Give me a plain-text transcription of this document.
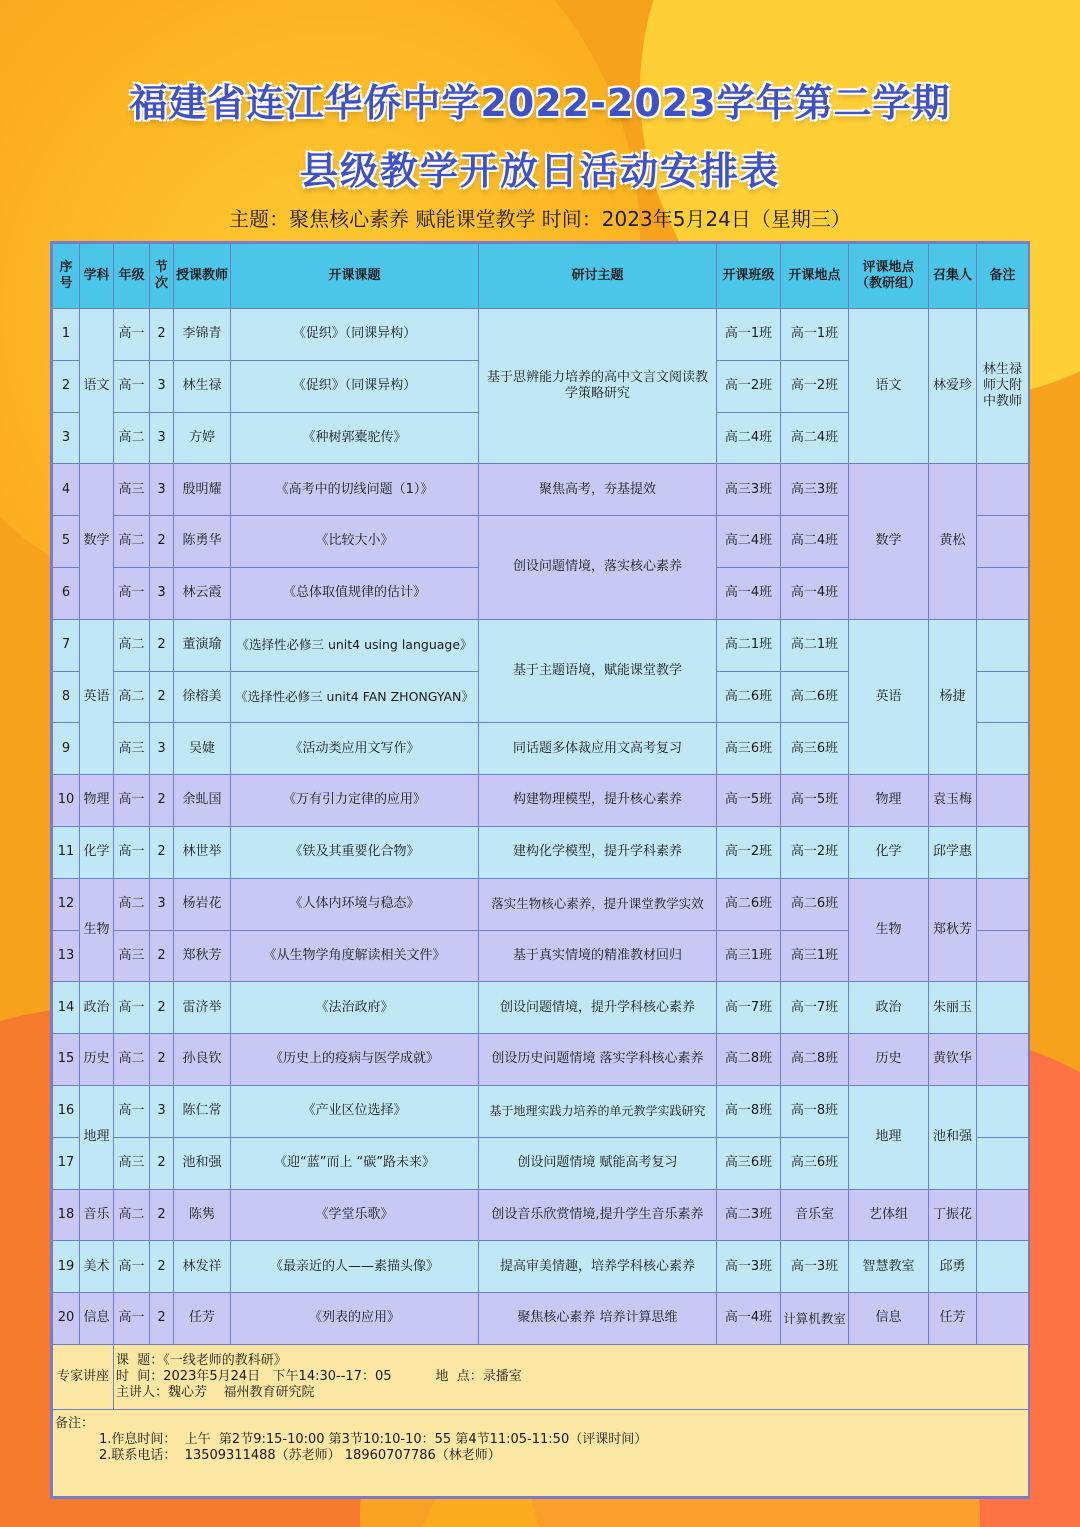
福建省连江华侨中学2022-2023学年第二学期
县级教学开放日活动安排表
主题：聚焦核心素养 赋能课堂教学 时间：2023年5月24日（星期三）
序号	学科	年级	节次	授课教师	开课课题	研讨主题	开课班级	开课地点	评课地点（教研组）	召集人	备注
1	语文	高一	2	李锦青	《促织》（同课异构）	基于思辨能力培养的高中文言文阅读教学策略研究	高一1班	高一1班	语文	林爱珍	林生禄师大附中教师
2		高一	3	林生禄	《促织》（同课异构）		高一2班	高一2班			
3		高二	3	方婷	《种树郭橐驼传》		高二4班	高二4班			
4	数学	高三	3	殷明耀	《高考中的切线问题（1）》	聚焦高考，夯基提效	高三3班	高三3班	数学	黄松	
5		高二	2	陈勇华	《比较大小》	创设问题情境，落实核心素养	高二4班	高二4班			
6		高一	3	林云霞	《总体取值规律的估计》		高一4班	高一4班			
7	英语	高二	2	董演瑜	《选择性必修三 unit4 using language》	基于主题语境，赋能课堂教学	高二1班	高二1班	英语	杨捷	
8		高二	2	徐榕美	《选择性必修三 unit4 FAN ZHONGYAN》		高二6班	高二6班			
9		高三	3	吴婕	《活动类应用文写作》	同话题多体裁应用文高考复习	高三6班	高三6班			
10	物理	高一	2	余虬国	《万有引力定律的应用》	构建物理模型，提升核心素养	高一5班	高一5班	物理	袁玉梅	
11	化学	高一	2	林世举	《铁及其重要化合物》	建构化学模型，提升学科素养	高一2班	高一2班	化学	邱学惠	
12	生物	高二	3	杨岩花	《人体内环境与稳态》	落实生物核心素养，提升课堂教学实效	高二6班	高二6班	生物	郑秋芳	
13		高三	2	郑秋芳	《从生物学角度解读相关文件》	基于真实情境的精准教材回归	高三1班	高三1班			
14	政治	高一	2	雷济举	《法治政府》	创设问题情境，提升学科核心素养	高一7班	高一7班	政治	朱丽玉	
15	历史	高二	2	孙良钦	《历史上的疫病与医学成就》	创设历史问题情境 落实学科核心素养	高二8班	高二8班	历史	黄钦华	
16	地理	高一	3	陈仁常	《产业区位选择》	基于地理实践力培养的单元教学实践研究	高一8班	高一8班	地理	池和强	
17		高三	2	池和强	《迎“蓝”而上 “碳”路未来》	创设问题情境 赋能高考复习	高三6班	高三6班			
18	音乐	高二	2	陈隽	《学堂乐歌》	创设音乐欣赏情境,提升学生音乐素养	高二3班	音乐室	艺体组	丁振花	
19	美术	高一	2	林发祥	《最亲近的人——素描头像》	提高审美情趣，培养学科核心素养	高一3班	高一3班	智慧教室	邱勇	
20	信息	高一	2	任芳	《列表的应用》	聚焦核心素养 培养计算思维	高一4班	计算机教室	信息	任芳	
专家讲座		课  题：《一线老师的教科研》
时  间：2023年5月24日   下午14:30--17：05 地  点：录播室
主讲人：魏心芳    福州教育研究院									

备注：
1.作息时间：  上午  第2节9:15-10:00 第3节10:10-10：55 第4节11:05-11:50（评课时间）
2.联系电话：  13509311488（苏老师） 18960707786（林老师）											
